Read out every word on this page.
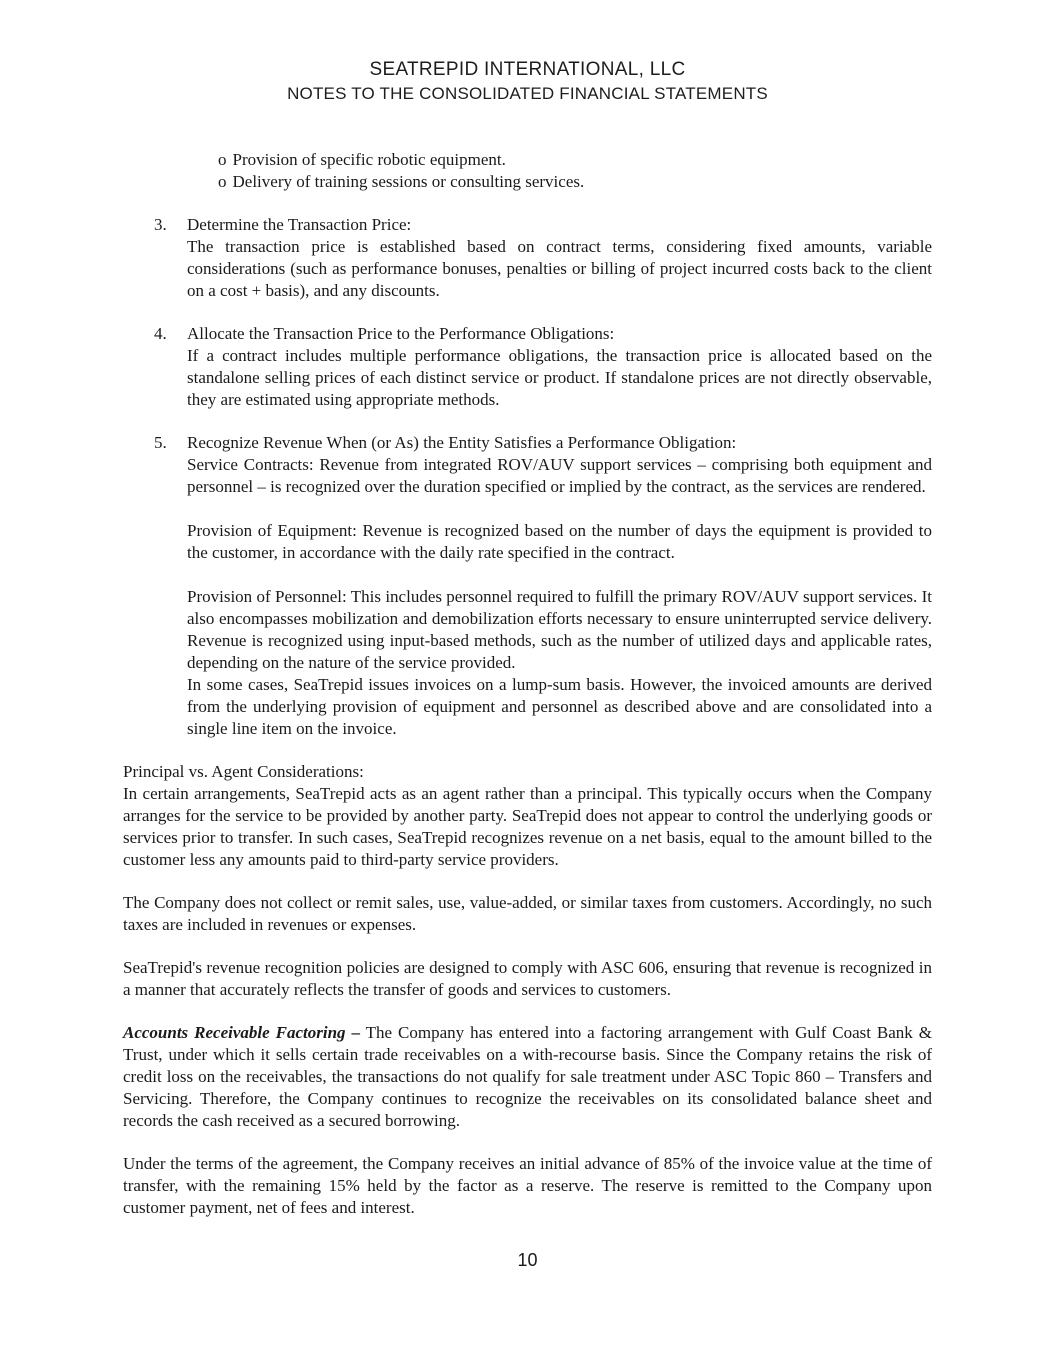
SEATREPID INTERNATIONAL, LLC
NOTES TO THE CONSOLIDATED FINANCIAL STATEMENTS
o Provision of specific robotic equipment.
o Delivery of training sessions or consulting services.
3.	Determine the Transaction Price:

The transaction price is established based on contract terms, considering fixed amounts, variable considerations (such as performance bonuses, penalties or billing of project incurred costs back to the client on a cost + basis), and any discounts.

4.	Allocate the Transaction Price to the Performance Obligations:

If a contract includes multiple performance obligations, the transaction price is allocated based on the standalone selling prices of each distinct service or product. If standalone prices are not directly observable, they are estimated using appropriate methods.

5.	Recognize Revenue When (or As) the Entity Satisfies a Performance Obligation:

Service Contracts: Revenue from integrated ROV/AUV support services – comprising both equipment and personnel – is recognized over the duration specified or implied by the contract, as the services are rendered.

Provision of Equipment: Revenue is recognized based on the number of days the equipment is provided to the customer, in accordance with the daily rate specified in the contract.

Provision of Personnel: This includes personnel required to fulfill the primary ROV/AUV support services. It also encompasses mobilization and demobilization efforts necessary to ensure uninterrupted service delivery. Revenue is recognized using input-based methods, such as the number of utilized days and applicable rates, depending on the nature of the service provided.

In some cases, SeaTrepid issues invoices on a lump-sum basis. However, the invoiced amounts are derived from the underlying provision of equipment and personnel as described above and are consolidated into a single line item on the invoice.

Principal vs. Agent Considerations:

In certain arrangements, SeaTrepid acts as an agent rather than a principal. This typically occurs when the Company arranges for the service to be provided by another party. SeaTrepid does not appear to control the underlying goods or services prior to transfer. In such cases, SeaTrepid recognizes revenue on a net basis, equal to the amount billed to the customer less any amounts paid to third-party service providers.

The Company does not collect or remit sales, use, value-added, or similar taxes from customers. Accordingly, no such taxes are included in revenues or expenses.

SeaTrepid's revenue recognition policies are designed to comply with ASC 606, ensuring that revenue is recognized in a manner that accurately reflects the transfer of goods and services to customers.

Accounts Receivable Factoring – The Company has entered into a factoring arrangement with Gulf Coast Bank & Trust, under which it sells certain trade receivables on a with-recourse basis. Since the Company retains the risk of credit loss on the receivables, the transactions do not qualify for sale treatment under ASC Topic 860 – Transfers and Servicing. Therefore, the Company continues to recognize the receivables on its consolidated balance sheet and records the cash received as a secured borrowing.

Under the terms of the agreement, the Company receives an initial advance of 85% of the invoice value at the time of transfer, with the remaining 15% held by the factor as a reserve. The reserve is remitted to the Company upon customer payment, net of fees and interest.

10
